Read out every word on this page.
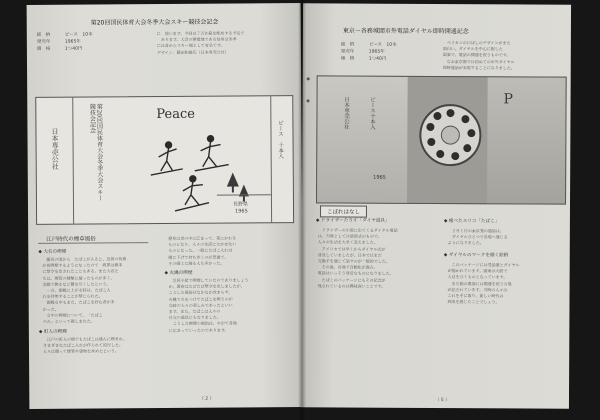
第20回国民体育大会冬季大会スキー競技会記念
銘　柄	ピース　10本
発売年	1965年
価　格	1つ40円
に　使います。今回は７万か箱を配布する予定で
　あります。大会の開催地である信州は冬季
には昔からスキー場として有名です。
デザイン：藤田和雄氏（日本専売公社）
日本専売公社	第20回国民体育大会冬季大会スキー競技会記念	Peace
ピース　十本入
長野県
1965
江戸時代の煙草風俗
◆ 大名の喫煙
　慶長の頃から　たばこが入ると、近習の侍衆
が皆喫煙するようになったので　将軍は旗本
に禁令を出されたこともある。また大名た
ちは、煙管の種類に凝ったものが多く、
金銀で飾るなど贅を尽くしたという。
　一方、御殿に上がる時は、たばこ入
れを持参することが禁じられた。
　御殿女中もまた、たばこを好む者が多
かった。
　女中の喫煙について、「たばこ
のみ」といって親しまれた。
◆ 町人の喫煙
　江戸の町人の間でもたばこは盛んに喫まれ、
さまざまなたばこ入れが作られて流行した。
人々は競って煙管や袋物を求めたという。
煙草は世の中に広まって、茶にかわる
ものとなり、人々の生活に欠かせない
ものとなった。一般にたばこ入れは
腰に下げて持ち歩くのが普通で、
その細工に凝る人も多かった。
◆ 火縄の喫煙
　芝居小屋で喫煙していたのでありましょう
か。幕府はたびたび禁令を出しましたが、
こうした風俗はなかなか改まらず、
火縄で火をつけてたばこを喫うのが
当時の人々の楽しみであったといい
ます。また、たばこは人々の
社交の道具にもなりました。
　こうした喫煙の風俗は、やがて各地
に広まっていったのであります。
（ 2 ）
東京－各務城間市外電話ダイヤル即時開通記念
銘　柄	ピース　10本
発売年	1965年
価　格	1つ40円
　ペリカンの口ばしのデザインがまた
面白い。ダイヤルを中心に配した
図案で、電話の開通を祝うものです。
　なお東京都では初めての市外ダイヤル
即時通話が実現することになりました。
日本専売公社	ピース十本入
1965
P
こぼれはなし
◆ ドライザーたりす「ダイヤ道具」
　ドライザーの小説に出てくるダイヤル電話
は、当時としては最新式のもので、
人々の生活を大きく変えました。
　アメリカでは早くからダイヤル式が
普及していましたが、日本ではまだ
交換手を通じて話すのが一般的でした。
　その後、各地で自動化が進み、
電話はいっそう身近なものになりました。
　たばこのパッケージにもその記念が
残されているのは興味深いことです。
◆ 帳べたスリコ「たばこ」
　２月１日の東京発の通話は、
　ダイヤルひとつで各地へ通じる
ようになりました。
◆ ダイヤルのマークを描く絵柄
　このパッケージには受話器とダイヤル
が描かれています。図案は大胆で
人目をひくものとなっています。
　また箱の裏面には開通を祝う言葉
が記されています。当時の人々は
これを手に取り、新しい時代の
到来を感じたことでしょう。
（ 5 ）
